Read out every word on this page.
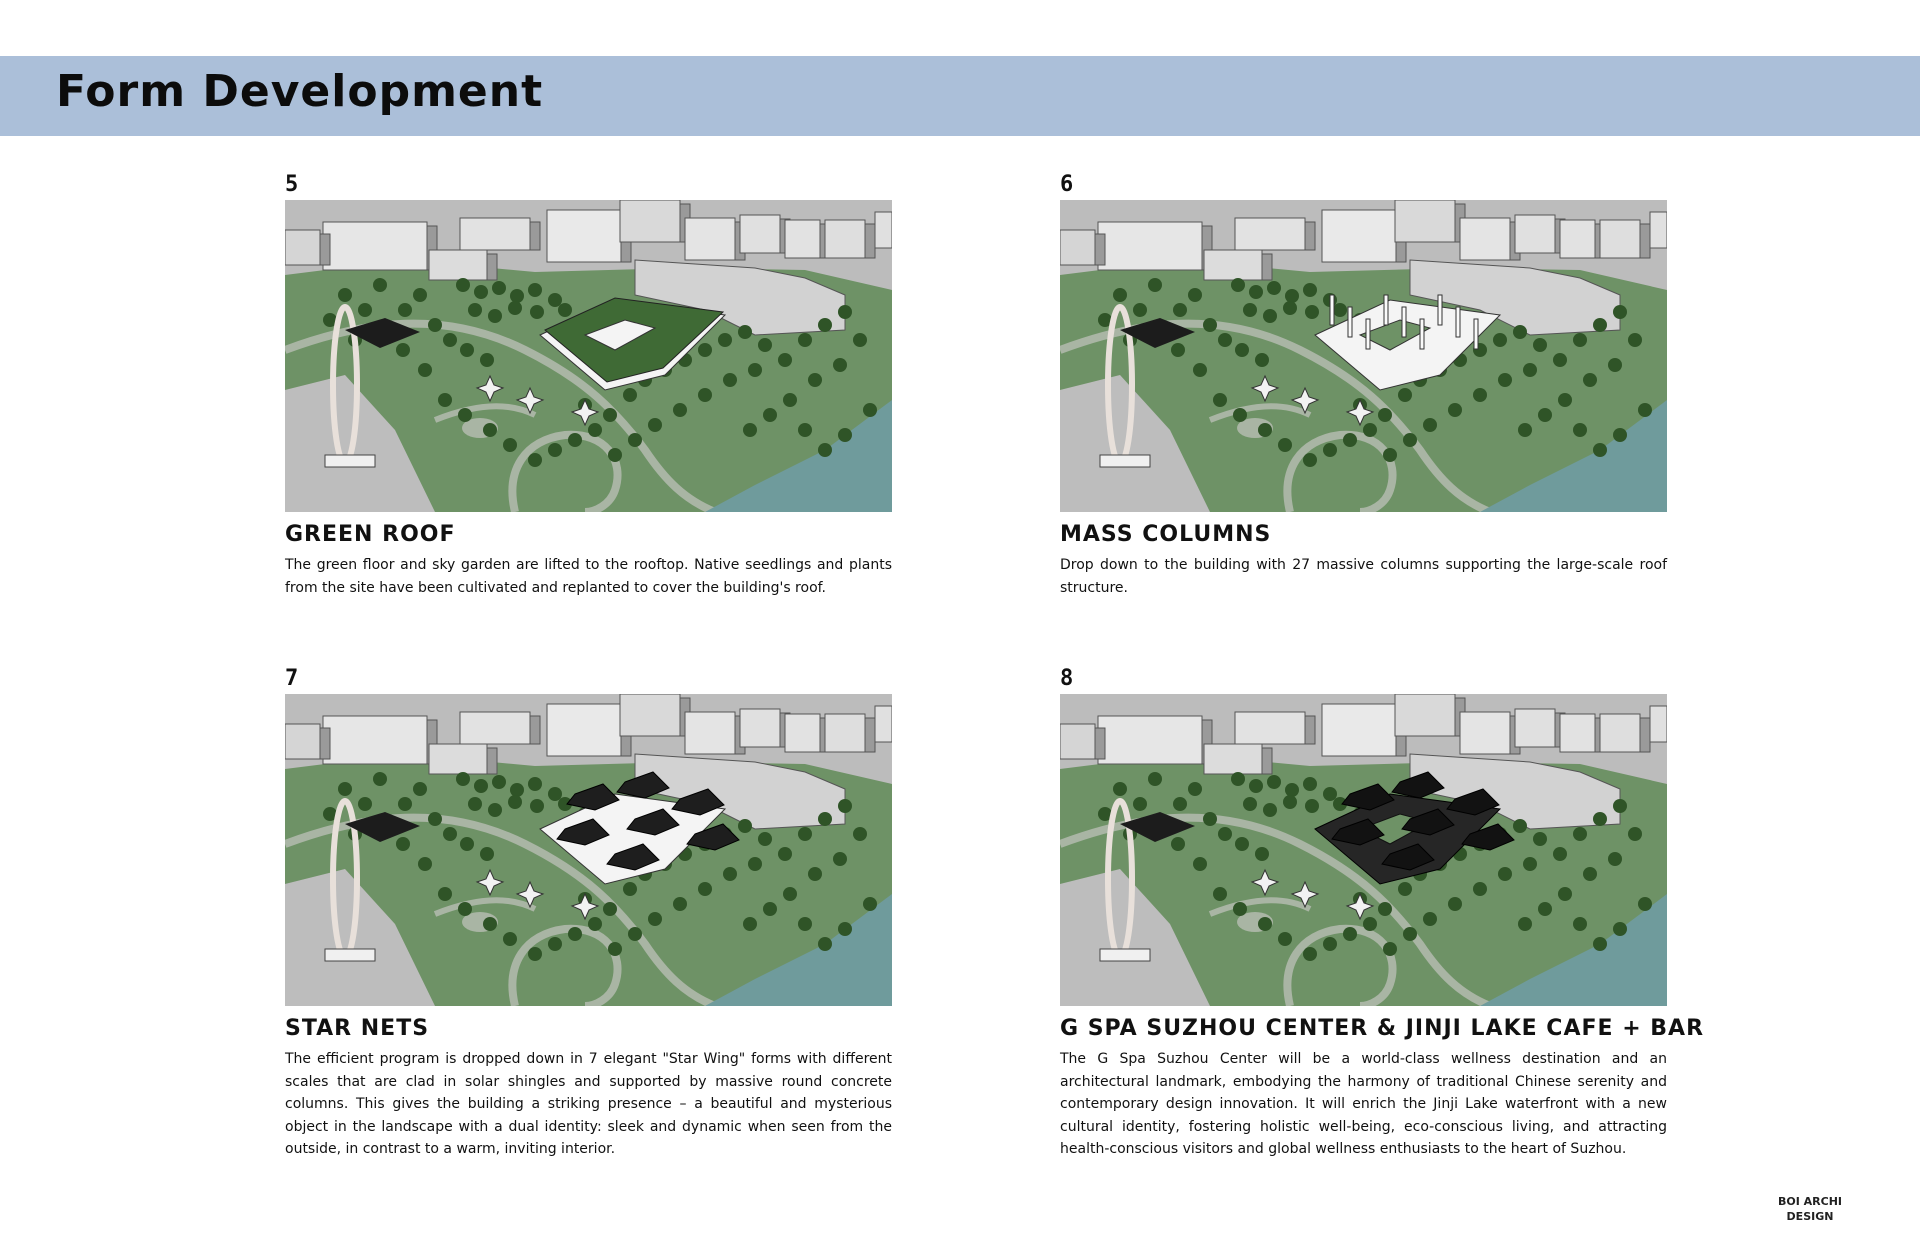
Form Development
5
GREEN ROOF

The green floor and sky garden are lifted to the rooftop. Native seedlings and plants from the site have been cultivated and replanted to cover the building's roof.

6
MASS COLUMNS

Drop down to the building with 27 massive columns supporting the large-scale roof structure.

7
STAR NETS

The efficient program is dropped down in 7 elegant "Star Wing" forms with different scales that are clad in solar shingles and supported by massive round concrete columns. This gives the building a striking presence – a beautiful and mysterious object in the landscape with a dual identity: sleek and dynamic when seen from the outside, in contrast to a warm, inviting interior.

8
G SPA SUZHOU CENTER & JINJI LAKE CAFE + BAR

The G Spa Suzhou Center will be a world-class wellness destination and an architectural landmark, embodying the harmony of traditional Chinese serenity and contemporary design innovation. It will enrich the Jinji Lake waterfront with a new cultural identity, fostering holistic well-being, eco-conscious living, and attracting health-conscious visitors and global wellness enthusiasts to the heart of Suzhou.

BOI ARCHI
DESIGN
